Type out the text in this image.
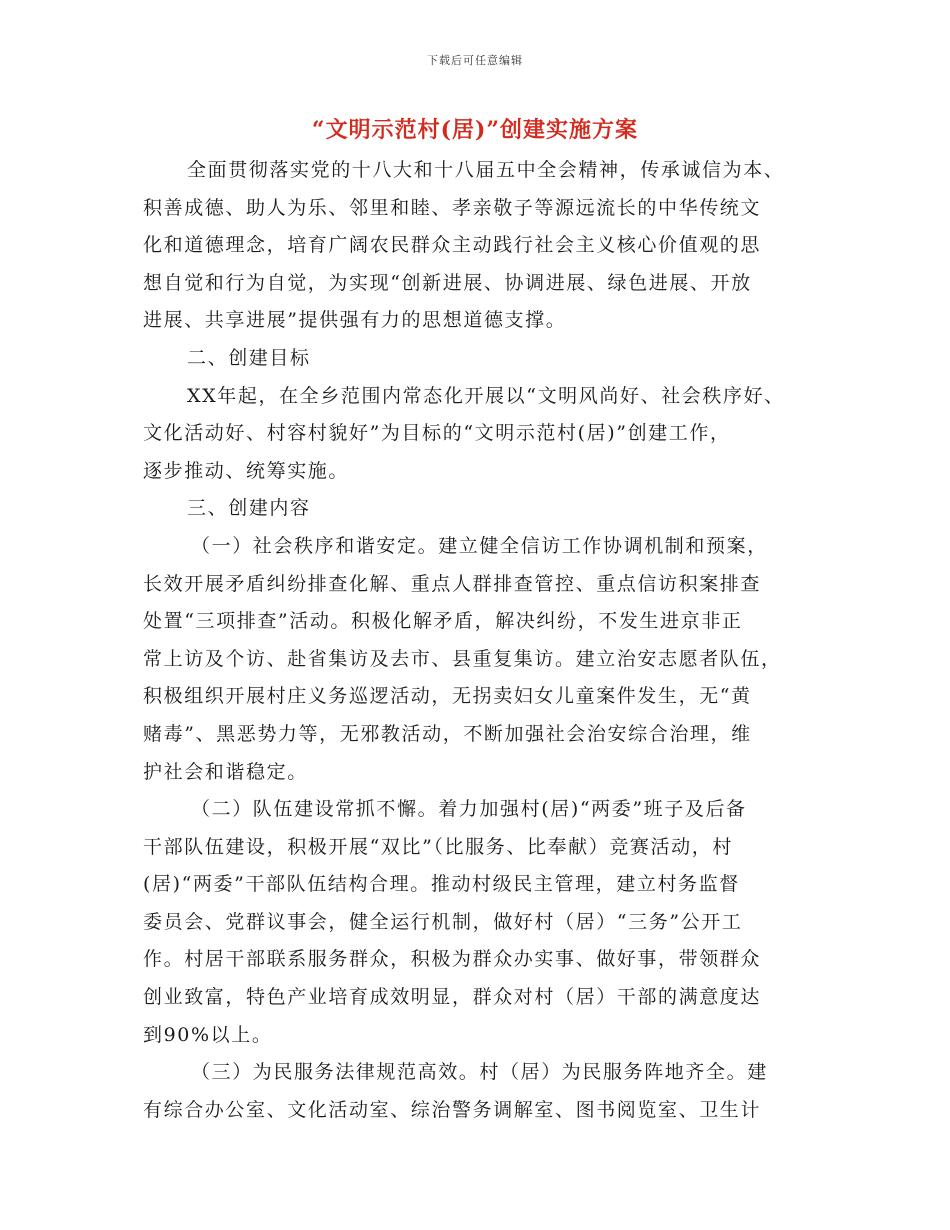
下载后可任意编辑
“文明示范村(居)”创建实施方案
全面贯彻落实党的十八大和十八届五中全会精神，传承诚信为本、
积善成德、助人为乐、邻里和睦、孝亲敬子等源远流长的中华传统文
化和道德理念，培育广阔农民群众主动践行社会主义核心价值观的思
想自觉和行为自觉，为实现“创新进展、协调进展、绿色进展、开放
进展、共享进展”提供强有力的思想道德支撑。
二、创建目标
XX年起，在全乡范围内常态化开展以“文明风尚好、社会秩序好、
文化活动好、村容村貌好”为目标的“文明示范村(居)”创建工作，
逐步推动、统筹实施。
三、创建内容
（一）社会秩序和谐安定。建立健全信访工作协调机制和预案，
长效开展矛盾纠纷排查化解、重点人群排查管控、重点信访积案排查
处置“三项排查”活动。积极化解矛盾，解决纠纷，不发生进京非正
常上访及个访、赴省集访及去市、县重复集访。建立治安志愿者队伍，
积极组织开展村庄义务巡逻活动，无拐卖妇女儿童案件发生，无“黄
赌毒”、黑恶势力等，无邪教活动，不断加强社会治安综合治理，维
护社会和谐稳定。
（二）队伍建设常抓不懈。着力加强村(居)“两委”班子及后备
干部队伍建设，积极开展“双比”（比服务、比奉献）竞赛活动，村
(居)“两委”干部队伍结构合理。推动村级民主管理，建立村务监督
委员会、党群议事会，健全运行机制，做好村（居）“三务”公开工
作。村居干部联系服务群众，积极为群众办实事、做好事，带领群众
创业致富，特色产业培育成效明显，群众对村（居）干部的满意度达
到90%以上。
（三）为民服务法律规范高效。村（居）为民服务阵地齐全。建
有综合办公室、文化活动室、综治警务调解室、图书阅览室、卫生计
